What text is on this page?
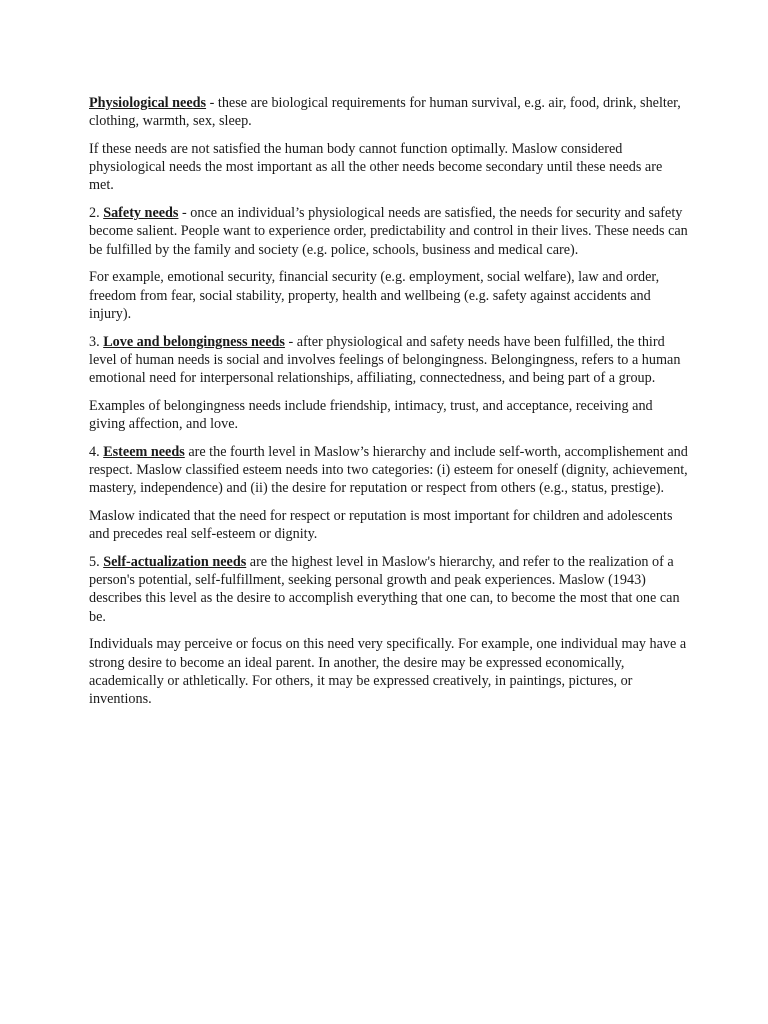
Physiological needs - these are biological requirements for human survival, e.g. air, food, drink, shelter, clothing, warmth, sex, sleep.

If these needs are not satisfied the human body cannot function optimally. Maslow considered physiological needs the most important as all the other needs become secondary until these needs are met.

2. Safety needs - once an individual’s physiological needs are satisfied, the needs for security and safety become salient. People want to experience order, predictability and control in their lives. These needs can be fulfilled by the family and society (e.g. police, schools, business and medical care).

For example, emotional security, financial security (e.g. employment, social welfare), law and order, freedom from fear, social stability, property, health and wellbeing (e.g. safety against accidents and injury).

3. Love and belongingness needs - after physiological and safety needs have been fulfilled, the third level of human needs is social and involves feelings of belongingness. Belongingness, refers to a human emotional need for interpersonal relationships, affiliating, connectedness, and being part of a group.

Examples of belongingness needs include friendship, intimacy, trust, and acceptance, receiving and giving affection, and love.

4. Esteem needs are the fourth level in Maslow’s hierarchy and include self-worth, accomplishement and respect. Maslow classified esteem needs into two categories: (i) esteem for oneself (dignity, achievement, mastery, independence) and (ii) the desire for reputation or respect from others (e.g., status, prestige).

Maslow indicated that the need for respect or reputation is most important for children and adolescents and precedes real self-esteem or dignity.

5. Self-actualization needs are the highest level in Maslow's hierarchy, and refer to the realization of a person's potential, self-fulfillment, seeking personal growth and peak experiences. Maslow (1943) describes this level as the desire to accomplish everything that one can, to become the most that one can be.

Individuals may perceive or focus on this need very specifically. For example, one individual may have a strong desire to become an ideal parent. In another, the desire may be expressed economically, academically or athletically. For others, it may be expressed creatively, in paintings, pictures, or inventions.
